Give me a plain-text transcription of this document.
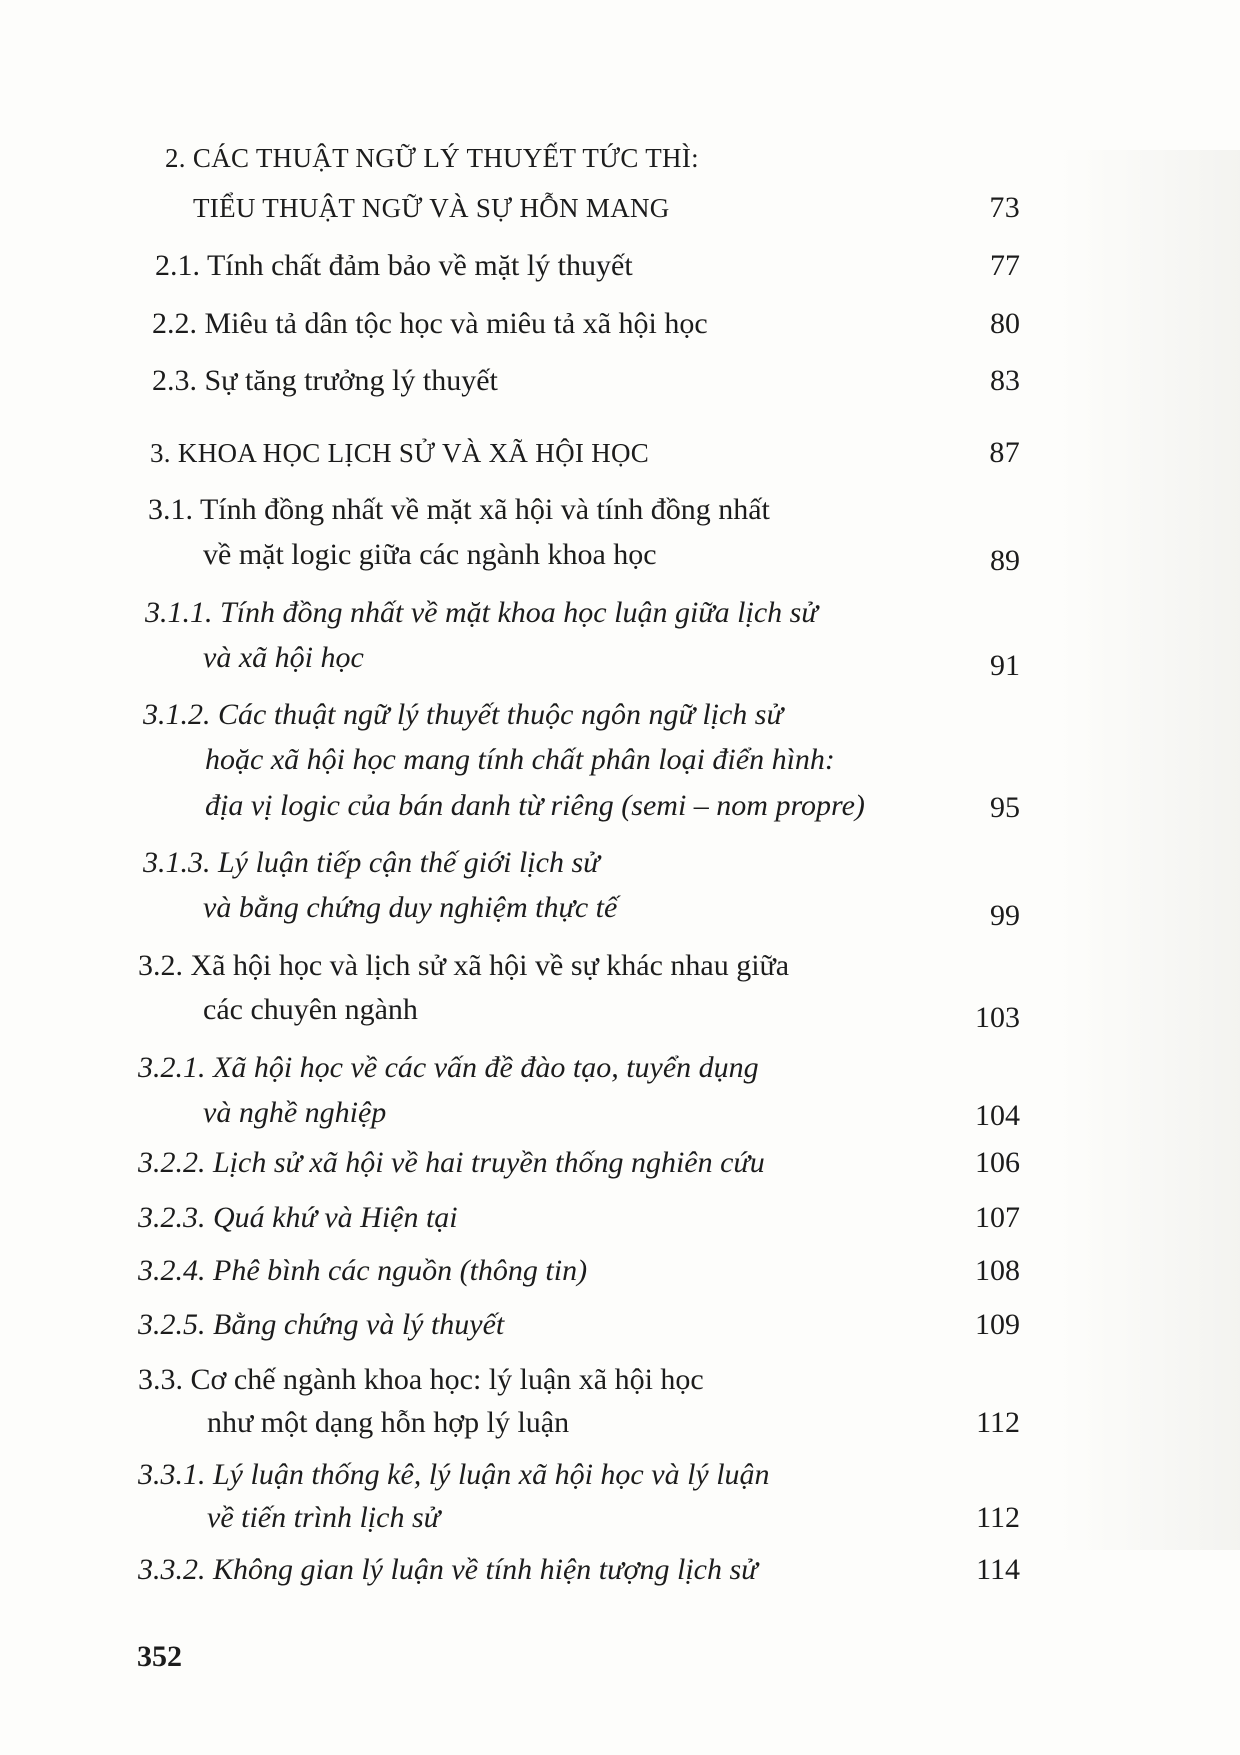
2. CÁC THUẬT NGỮ LÝ THUYẾT TỨC THÌ:
TIỂU THUẬT NGỮ VÀ SỰ HỖN MANG	73
2.1. Tính chất đảm bảo về mặt lý thuyết	77
2.2. Miêu tả dân tộc học và miêu tả xã hội học	80
2.3. Sự tăng trưởng lý thuyết	83
3. KHOA HỌC LỊCH SỬ VÀ XÃ HỘI HỌC	87
3.1. Tính đồng nhất về mặt xã hội và tính đồng nhất
về mặt logic giữa các ngành khoa học	89
3.1.1. Tính đồng nhất về mặt khoa học luận giữa lịch sử
và xã hội học	91
3.1.2. Các thuật ngữ lý thuyết thuộc ngôn ngữ lịch sử
hoặc xã hội học mang tính chất phân loại điển hình:
địa vị logic của bán danh từ riêng (semi – nom propre)	95
3.1.3. Lý luận tiếp cận thế giới lịch sử
và bằng chứng duy nghiệm thực tế	99
3.2. Xã hội học và lịch sử xã hội về sự khác nhau giữa
các chuyên ngành	103
3.2.1. Xã hội học về các vấn đề đào tạo, tuyển dụng
và nghề nghiệp	104
3.2.2. Lịch sử xã hội về hai truyền thống nghiên cứu	106
3.2.3. Quá khứ và Hiện tại	107
3.2.4. Phê bình các nguồn (thông tin)	108
3.2.5. Bằng chứng và lý thuyết	109
3.3. Cơ chế ngành khoa học: lý luận xã hội học
như một dạng hỗn hợp lý luận	112
3.3.1. Lý luận thống kê, lý luận xã hội học và lý luận
về tiến trình lịch sử	112
3.3.2. Không gian lý luận về tính hiện tượng lịch sử	114
352
